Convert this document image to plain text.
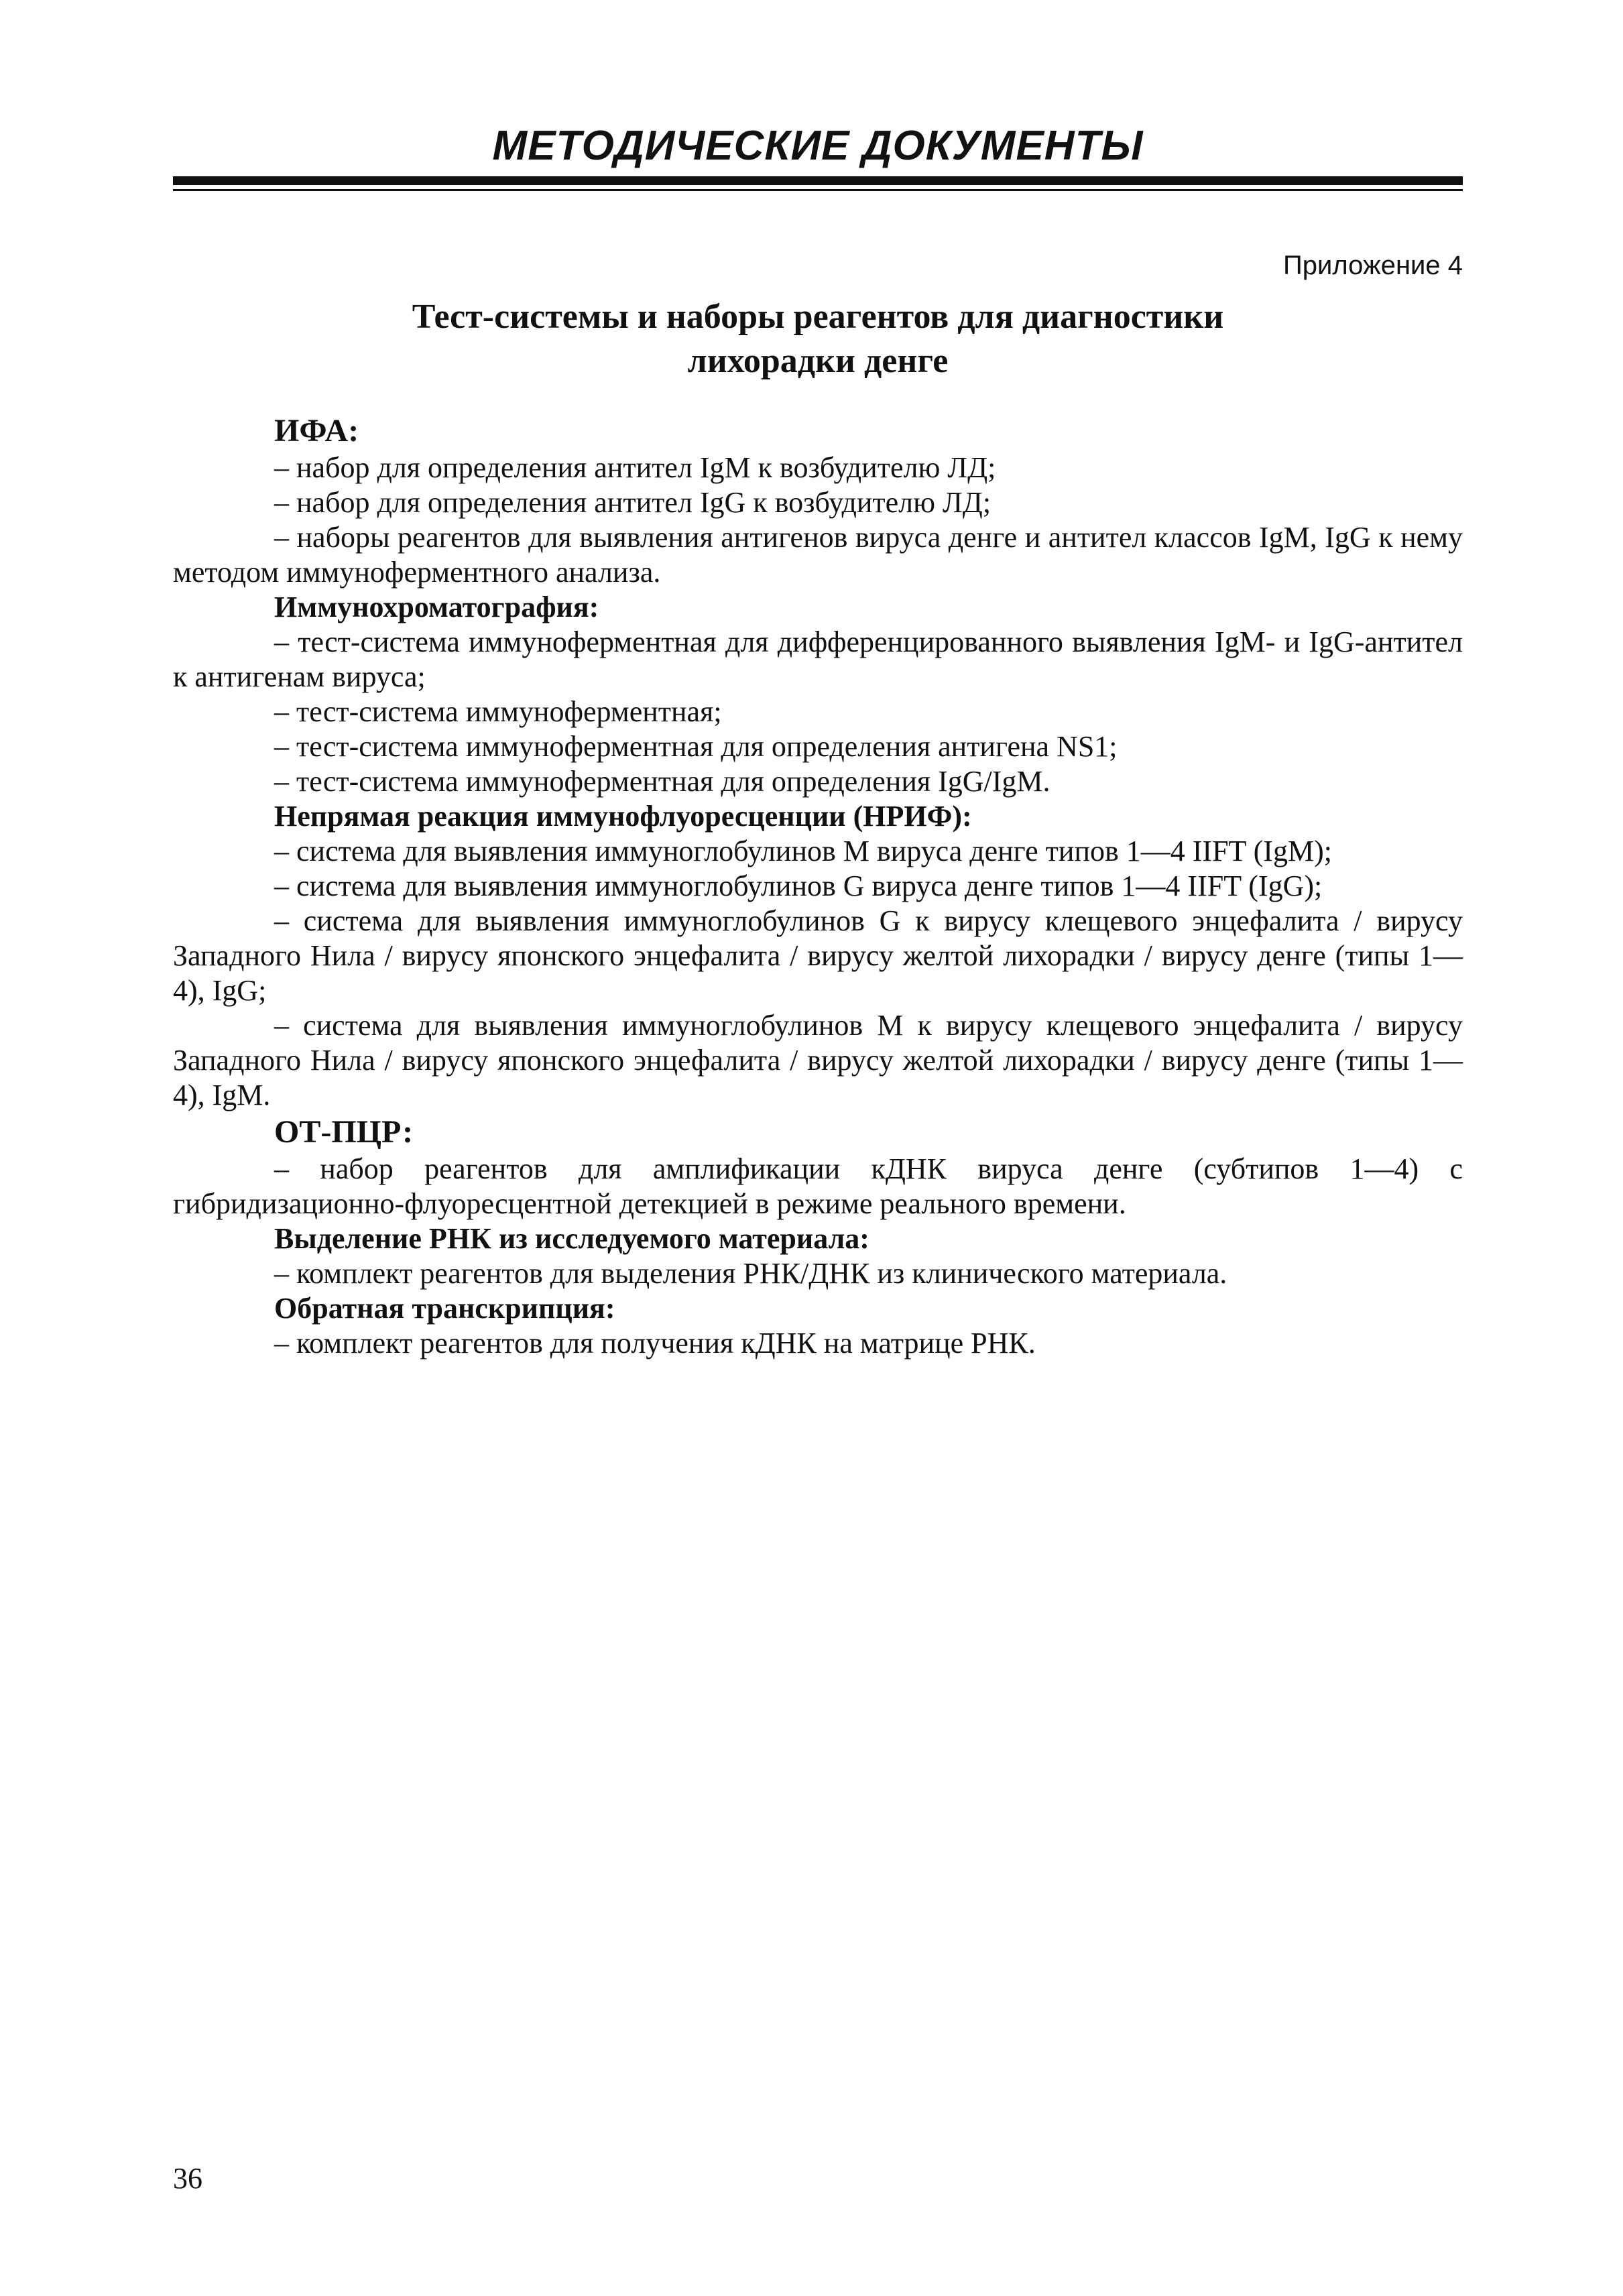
МЕТОДИЧЕСКИЕ ДОКУМЕНТЫ
Приложение 4
Тест-системы и наборы реагентов для диагностики
лихорадки денге
ИФА:
– набор для определения антител IgM к возбудителю ЛД;
– набор для определения антител IgG к возбудителю ЛД;
– наборы реагентов для выявления антигенов вируса денге и антител классов IgM, IgG к нему методом иммуноферментного анализа.
Иммунохроматография:
– тест-система иммуноферментная для дифференцированного выявления IgM- и IgG-антител к антигенам вируса;
– тест-система иммуноферментная;
– тест-система иммуноферментная для определения антигена NS1;
– тест-система иммуноферментная для определения IgG/IgM.
Непрямая реакция иммунофлуоресценции (НРИФ):
– система для выявления иммуноглобулинов М вируса денге типов 1—4 IIFT (IgM);
– система для выявления иммуноглобулинов G вируса денге типов 1—4 IIFT (IgG);
– система для выявления иммуноглобулинов G к вирусу клещевого энцефалита / вирусу Западного Нила / вирусу японского энцефалита / вирусу желтой лихорадки / вирусу денге (типы 1—4), IgG;
– система для выявления иммуноглобулинов М к вирусу клещевого энцефалита / вирусу Западного Нила / вирусу японского энцефалита / вирусу желтой лихорадки / вирусу денге (типы 1—4), IgM.
ОТ-ПЦР:
– набор реагентов для амплификации кДНК вируса денге (субтипов 1—4) с гибридизационно-флуоресцентной детекцией в режиме реального времени.
Выделение РНК из исследуемого материала:
– комплект реагентов для выделения РНК/ДНК из клинического материала.
Обратная транскрипция:
– комплект реагентов для получения кДНК на матрице РНК.
36
